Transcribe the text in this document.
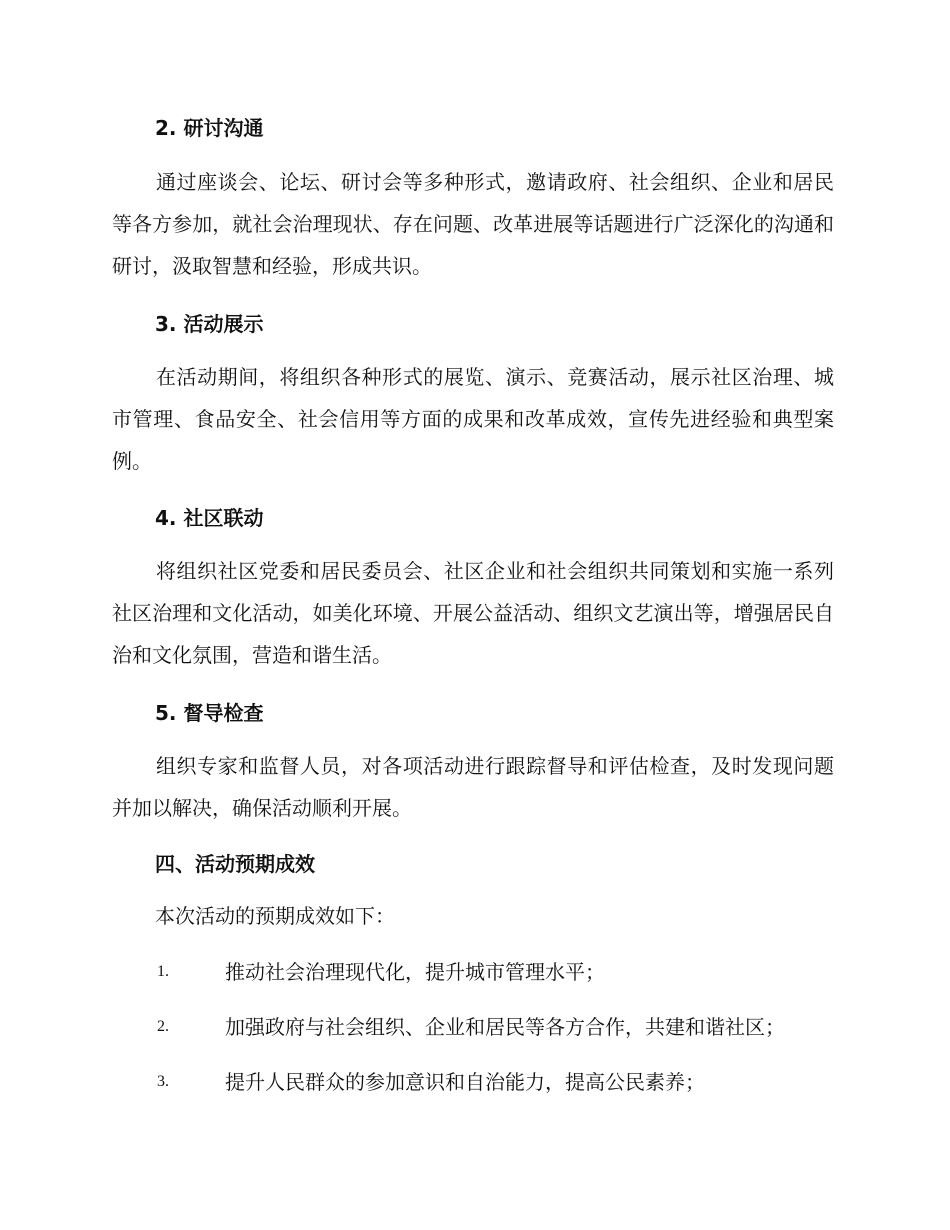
2. 研讨沟通

通过座谈会、论坛、研讨会等多种形式，邀请政府、社会组织、企业和居民等各方参加，就社会治理现状、存在问题、改革进展等话题进行广泛深化的沟通和研讨，汲取智慧和经验，形成共识。

3. 活动展示

在活动期间，将组织各种形式的展览、演示、竞赛活动，展示社区治理、城市管理、食品安全、社会信用等方面的成果和改革成效，宣传先进经验和典型案例。

4. 社区联动

将组织社区党委和居民委员会、社区企业和社会组织共同策划和实施一系列社区治理和文化活动，如美化环境、开展公益活动、组织文艺演出等，增强居民自治和文化氛围，营造和谐生活。

5. 督导检查

组织专家和监督人员，对各项活动进行跟踪督导和评估检查，及时发现问题并加以解决，确保活动顺利开展。

四、活动预期成效
本次活动的预期成效如下：
1.	推动社会治理现代化，提升城市管理水平；
2.	加强政府与社会组织、企业和居民等各方合作，共建和谐社区；
3.	提升人民群众的参加意识和自治能力，提高公民素养；
